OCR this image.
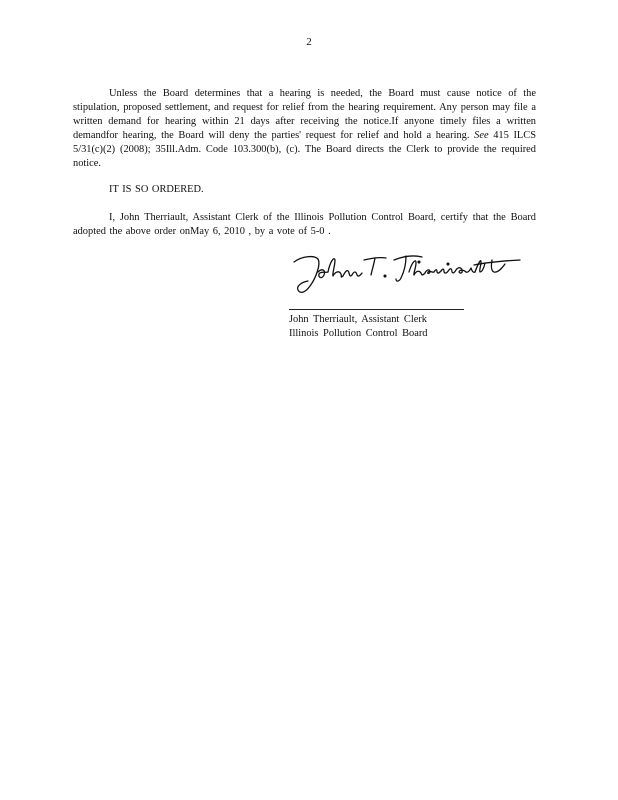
2

Unless the Board determines that a hearing is needed, the Board must cause notice of the stipulation, proposed settlement, and request for relief from the hearing requirement. Any person may file a written demand for hearing within 21 days after receiving the notice.If anyone timely files a written demandfor hearing, the Board will deny the parties' request for relief and hold a hearing. See 415 ILCS 5/31(c)(2) (2008); 35Ill.Adm. Code 103.300(b), (c). The Board directs the Clerk to provide the required notice.

IT IS SO ORDERED.

I, John Therriault, Assistant Clerk of the Illinois Pollution Control Board, certify that the Board adopted the above order onMay 6, 2010 , by a vote of 5-0 .

John Therriault, Assistant Clerk
Illinois Pollution Control Board
